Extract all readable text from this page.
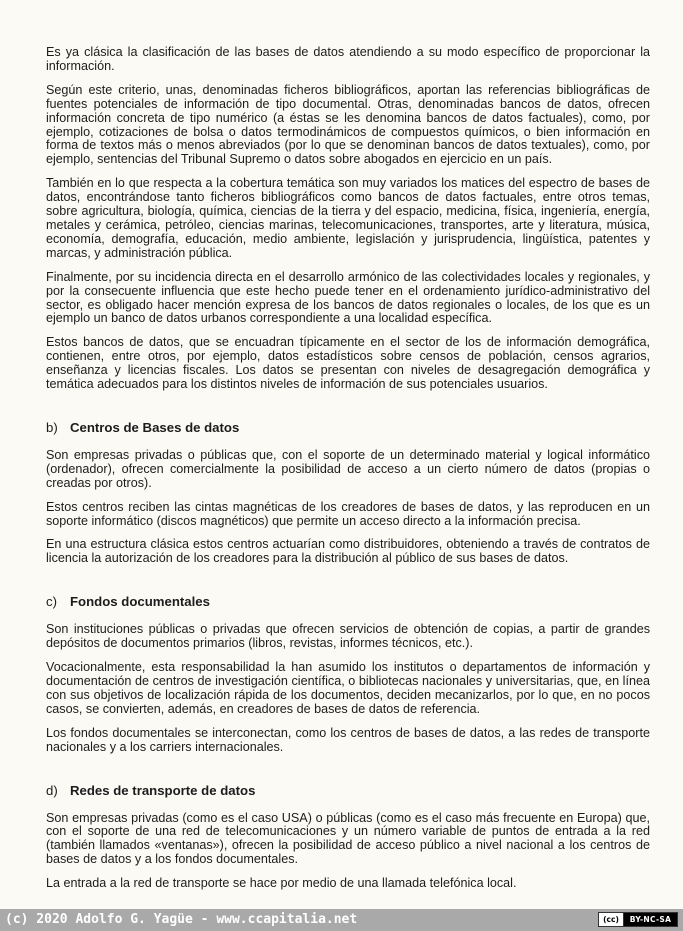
Es ya clásica la clasificación de las bases de datos atendiendo a su modo específico de proporcionar la información.

Según este criterio, unas, denominadas ficheros bibliográficos, aportan las referencias bibliográficas de fuentes potenciales de información de tipo documental. Otras, denominadas bancos de datos, ofrecen información concreta de tipo numérico (a éstas se les denomina bancos de datos factuales), como, por ejemplo, cotizaciones de bolsa o datos termodinámicos de compuestos químicos, o bien información en forma de textos más o menos abreviados (por lo que se denominan bancos de datos textuales), como, por ejemplo, sentencias del Tribunal Supremo o datos sobre abogados en ejercicio en un país.

También en lo que respecta a la cobertura temática son muy variados los matices del espectro de bases de datos, encontrándose tanto ficheros bibliográficos como bancos de datos factuales, entre otros temas, sobre agricultura, biología, química, ciencias de la tierra y del espacio, medicina, física, ingeniería, energía, metales y cerámica, petróleo, ciencias marinas, telecomunicaciones, transportes, arte y literatura, música, economía, demografía, educación, medio ambiente, legislación y jurisprudencia, lingüística, patentes y marcas, y administración pública.

Finalmente, por su incidencia directa en el desarrollo armónico de las colectividades locales y regionales, y por la consecuente influencia que este hecho puede tener en el ordenamiento jurídico-administrativo del sector, es obligado hacer mención expresa de los bancos de datos regionales o locales, de los que es un ejemplo un banco de datos urbanos correspondiente a una localidad específica.

Estos bancos de datos, que se encuadran típicamente en el sector de los de información demográfica, contienen, entre otros, por ejemplo, datos estadísticos sobre censos de población, censos agrarios, enseñanza y licencias fiscales. Los datos se presentan con niveles de desagregación demográfica y temática adecuados para los distintos niveles de información de sus potenciales usuarios.

b) Centros de Bases de datos

Son empresas privadas o públicas que, con el soporte de un determinado material y logical informático (ordenador), ofrecen comercialmente la posibilidad de acceso a un cierto número de datos (propias o creadas por otros).

Estos centros reciben las cintas magnéticas de los creadores de bases de datos, y las reproducen en un soporte informático (discos magnéticos) que permite un acceso directo a la información precisa.

En una estructura clásica estos centros actuarían como distribuidores, obteniendo a través de contratos de licencia la autorización de los creadores para la distribución al público de sus bases de datos.

c) Fondos documentales

Son instituciones públicas o privadas que ofrecen servicios de obtención de copias, a partir de grandes depósitos de documentos primarios (libros, revistas, informes técnicos, etc.).

Vocacionalmente, esta responsabilidad la han asumido los institutos o departamentos de información y documentación de centros de investigación científica, o bibliotecas nacionales y universitarias, que, en línea con sus objetivos de localización rápida de los documentos, deciden mecanizarlos, por lo que, en no pocos casos, se convierten, además, en creadores de bases de datos de referencia.

Los fondos documentales se interconectan, como los centros de bases de datos, a las redes de transporte nacionales y a los carriers internacionales.

d) Redes de transporte de datos

Son empresas privadas (como es el caso USA) o públicas (como es el caso más frecuente en Europa) que, con el soporte de una red de telecomunicaciones y un número variable de puntos de entrada a la red (también llamados «ventanas»), ofrecen la posibilidad de acceso público a nivel nacional a los centros de bases de datos y a los fondos documentales.

La entrada a la red de transporte se hace por medio de una llamada telefónica local.

(c) 2020 Adolfo G. Yagüe - www.ccapitalia.net	(cc)	BY-NC-SA
